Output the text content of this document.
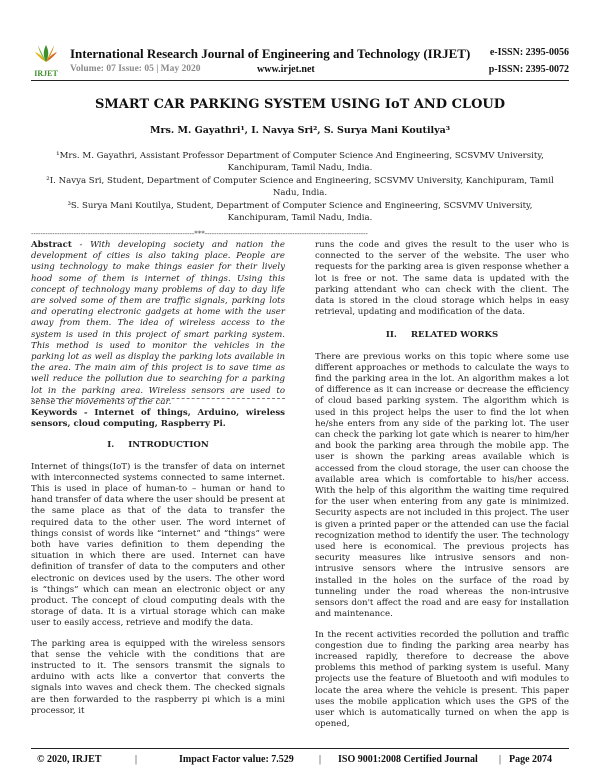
IRJET
International Research Journal of Engineering and Technology (IRJET)
Volume: 07 Issue: 05 | May 2020	www.irjet.net
e-ISSN: 2395-0056
p-ISSN: 2395-0072
SMART CAR PARKING SYSTEM USING IoT AND CLOUD
Mrs. M. Gayathri¹, I. Navya Sri², S. Surya Mani Koutilya³
¹Mrs. M. Gayathri, Assistant Professor Department of Computer Science And Engineering, SCSVMV University, Kanchipuram, Tamil Nadu, India.
²I. Navya Sri, Student, Department of Computer Science and Engineering, SCSVMV University, Kanchipuram, Tamil Nadu, India.
³S. Surya Mani Koutilya, Student, Department of Computer Science and Engineering, SCSVMV University, Kanchipuram, Tamil Nadu, India.
---------------------------------------------------------------------***---------------------------------------------------------------------
Abstract - With developing society and nation the development of cities is also taking place. People are using technology to make things easier for their lively hood some of them is internet of things. Using this concept of technology many problems of day to day life are solved some of them are traffic signals, parking lots and operating electronic gadgets at home with the user away from them. The idea of wireless access to the system is used in this project of smart parking system. This method is used to monitor the vehicles in the parking lot as well as display the parking lots available in the area. The main aim of this project is to save time as well reduce the pollution due to searching for a parking lot in the parking area. Wireless sensors are used to sense the movements of the car.
Keywords - Internet of things, Arduino, wireless sensors, cloud computing, Raspberry Pi.
I. INTRODUCTION

Internet of things(IoT) is the transfer of data on internet with interconnected systems connected to same internet. This is used in place of human-to – human or hand to hand transfer of data where the user should be present at the same place as that of the data to transfer the required data to the other user. The word internet of things consist of words like “internet” and “things” were both have varies definition to them depending the situation in which there are used. Internet can have definition of transfer of data to the computers and other electronic on devices used by the users. The other word is “things” which can mean an electronic object or any product. The concept of cloud computing deals with the storage of data. It is a virtual storage which can make user to easily access, retrieve and modify the data.

The parking area is equipped with the wireless sensors that sense the vehicle with the conditions that are instructed to it. The sensors transmit the signals to arduino with acts like a convertor that converts the signals into waves and check them. The checked signals are then forwarded to the raspberry pi which is a mini processor, it

runs the code and gives the result to the user who is connected to the server of the website. The user who requests for the parking area is given response whether a lot is free or not. The same data is updated with the parking attendant who can check with the client. The data is stored in the cloud storage which helps in easy retrieval, updating and modification of the data.

II. RELATED WORKS

There are previous works on this topic where some use different approaches or methods to calculate the ways to find the parking area in the lot. An algorithm makes a lot of difference as it can increase or decrease the efficiency of cloud based parking system. The algorithm which is used in this project helps the user to find the lot when he/she enters from any side of the parking lot. The user can check the parking lot gate which is nearer to him/her and book the parking area through the mobile app. The user is shown the parking areas available which is accessed from the cloud storage, the user can choose the available area which is comfortable to his/her access. With the help of this algorithm the waiting time required for the user when entering from any gate is minimized. Security aspects are not included in this project. The user is given a printed paper or the attended can use the facial recognization method to identify the user. The technology used here is economical. The previous projects has security measures like intrusive sensors and non-intrusive sensors where the intrusive sensors are installed in the holes on the surface of the road by tunneling under the road whereas the non-intrusive sensors don't affect the road and are easy for installation and maintenance.

In the recent activities recorded the pollution and traffic congestion due to finding the parking area nearby has increased rapidly, therefore to decrease the above problems this method of parking system is useful. Many projects use the feature of Bluetooth and wifi modules to locate the area where the vehicle is present. This paper uses the mobile application which uses the GPS of the user which is automatically turned on when the app is opened,

© 2020, IRJET	|	Impact Factor value: 7.529	| ISO 9001:2008 Certified Journal | Page 2074
